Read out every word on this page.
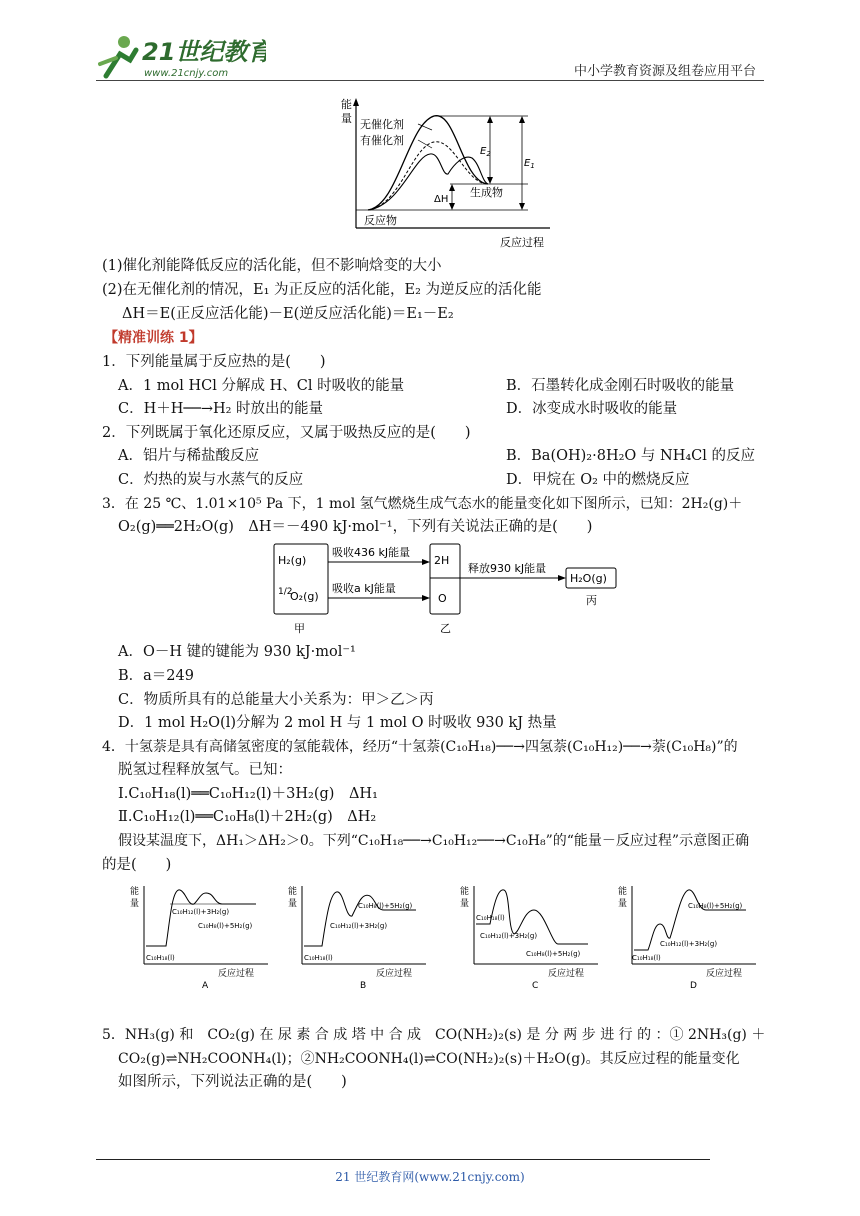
21世纪教育
www.21cnjy.com	中小学教育资源及组卷应用平台
能
量
反应过程
无催化剂
有催化剂
$E_2$
$E_1$
ΔH
生成物
反应物
(1)催化剂能降低反应的活化能，但不影响焓变的大小
(2)在无催化剂的情况，E₁ 为正反应的活化能，E₂ 为逆反应的活化能
ΔH＝E(正反应活化能)－E(逆反应活化能)＝E₁－E₂
【精准训练 1】
1．下列能量属于反应热的是(　　)
A．1 mol HCl 分解成 H、Cl 时吸收的能量	B．石墨转化成金刚石时吸收的能量
C．H＋H──→H₂ 时放出的能量	D．冰变成水时吸收的能量
2．下列既属于氧化还原反应，又属于吸热反应的是(　　)
A．铝片与稀盐酸反应	B．Ba(OH)₂·8H₂O 与 NH₄Cl 的反应
C．灼热的炭与水蒸气的反应	D．甲烷在 O₂ 中的燃烧反应
3．在 25 ℃、1.01×10⁵ Pa 下，1 mol 氢气燃烧生成气态水的能量变化如下图所示，已知：2H₂(g)＋
O₂(g)══2H₂O(g)　ΔH＝－490 kJ·mol⁻¹，下列有关说法正确的是(　　)
H₂(g)
1/2
O₂(g)
吸收436 kJ能量
吸收a kJ能量
2H
O
释放930 kJ能量
H₂O(g)
甲	乙
丙
A．O－H 键的键能为 930 kJ·mol⁻¹
B．a＝249
C．物质所具有的总能量大小关系为：甲＞乙＞丙
D．1 mol H₂O(l)分解为 2 mol H 与 1 mol O 时吸收 930 kJ 热量
4．十氢萘是具有高储氢密度的氢能载体，经历“十氢萘(C₁₀H₁₈)──→四氢萘(C₁₀H₁₂)──→萘(C₁₀H₈)”的
脱氢过程释放氢气。已知：
Ⅰ.C₁₀H₁₈(l)══C₁₀H₁₂(l)＋3H₂(g)　ΔH₁
Ⅱ.C₁₀H₁₂(l)══C₁₀H₈(l)＋2H₂(g)　ΔH₂
假设某温度下，ΔH₁＞ΔH₂＞0。下列“C₁₀H₁₈──→C₁₀H₁₂──→C₁₀H₈”的“能量－反应过程”示意图正确
的是(　　)
能
量
反应过程
C₁₀H₁₈(l)
C₁₀H₁₂(l)+3H₂(g)
C₁₀H₈(l)+5H₂(g)
A
能
量
反应过程
C₁₀H₁₈(l)
C₁₀H₈(l)+5H₂(g)
C₁₀H₁₂(l)+3H₂(g)
B
能
量
反应过程
C₁₀H₁₈(l)
C₁₀H₁₂(l)+3H₂(g)
C₁₀H₈(l)+5H₂(g)
C
能
量
反应过程
C₁₀H₁₈(l)
C₁₀H₁₂(l)+3H₂(g)
C₁₀H₈(l)+5H₂(g)
D
5．NH₃(g) 和　CO₂(g) 在 尿 素 合 成 塔 中 合 成　CO(NH₂)₂(s) 是 分 两 步 进 行 的 ：① 2NH₃(g) ＋
CO₂(g)⇌NH₂COONH₄(l)；②NH₂COONH₄(l)⇌CO(NH₂)₂(s)＋H₂O(g)。其反应过程的能量变化
如图所示，下列说法正确的是(　　)
21 世纪教育网(www.21cnjy.com)
